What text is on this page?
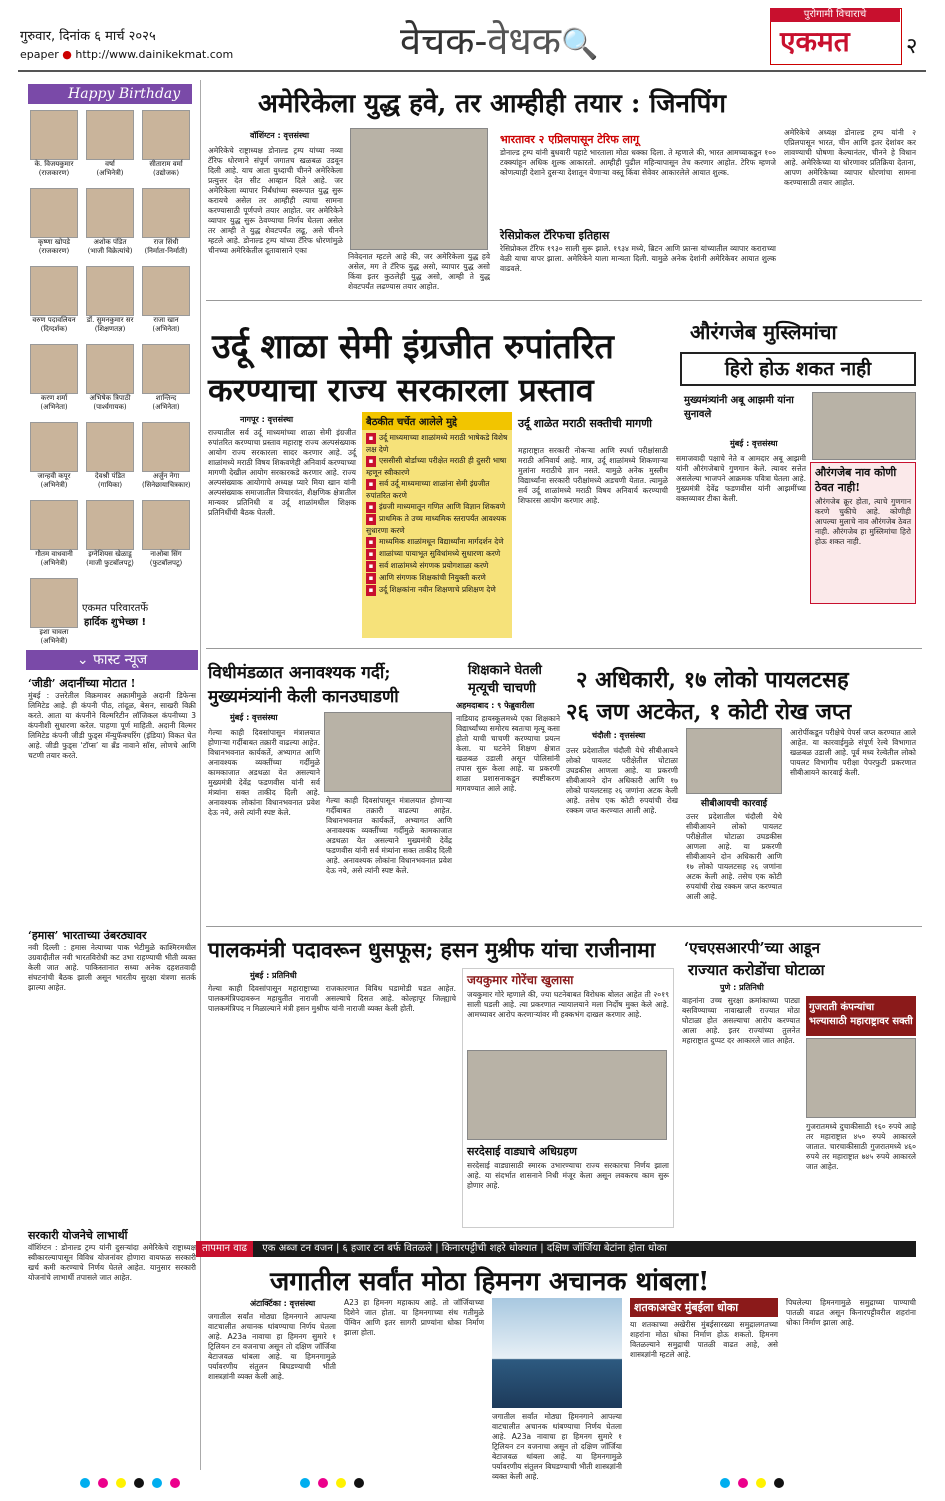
गुरुवार, दिनांक ६ मार्च २०२५
epaper ● http://www.dainikekmat.com	वेचक-वेधक🔍
पुरोगामी विचाराचे
एकमत	२
Happy Birthday
के. विजयकुमार
(राजकारण)
वर्षा
(अभिनेत्री)
सीताराम वर्मा
(उद्योजक)
कृष्णा खोपडे
(राजकारण)
अशोक पंडित
(भाजी विक्रेत्यांचे)
राज सिंधी
(निर्माता-निर्माती)
वरुण पदावलियन
(दिग्दर्शक)
डॉ. सुमनकुमार सर
(शिक्षणतज्ञ)
राजा खान
(अभिनेता)
करण शर्मा
(अभिनेता)
अभिषेक त्रिपाठी
(पार्श्वगायक)
शान्तिन्द
(अभिनेता)
जान्हवी कपूर
(अभिनेत्री)
देवश्री पंडित
(गायिका)
अर्जुन नेगा
(सिनेछायाचित्रकार)
गौतम वाधवानी
(अभिनेत्री)
इग्नेशियस खेळाडू
(माजी फुटबॉलपटू)
नाओबा सिंग
(फुटबॉलपटू)
इशा चावला
(अभिनेत्री)
एकमत परिवारतर्फे
हार्दिक शुभेच्छा !
⌄ फास्ट न्यूज
‘जीडी’ अदानींच्या मोटात !
मुंबई : उत्तरेतील विक्रमावर अक्रामीमुळे अदानी डिफेन्स लिमिटेड आहे. ही कंपनी पीठ, तांदूळ, बेसन, साखरी विक्री करते. आता या कंपनीने विल्मरिटीन लॉजिकल कंपनीच्या 3 कंपनीशी सुधारणा करेल. पाहणा पूर्ण माहिती. अदानी विल्मर लिमिटेड कंपनी जीडी फुड्स मॅन्युफॅक्चरिंग (इंडिया) विकत घेत आहे. जीडी फुड्स ‘टॉप्स’ या ब्रँड नावाने सॉस, लोणचे आणि चटणी तयार करते.
‘हमास’ भारताच्या उंबरठ्यावर
नवी दिल्ली : हमास नेत्याच्या पाक भेटीमुळे काश्मिरमधील उग्रवादीतील नवी भारतविरोधी कट उभा राहण्याची भीती व्यक्त केली जात आहे. पाकिस्तानात सध्या अनेक दहशतवादी संघटनांची बैठक झाली असून भारतीय सुरक्षा यंत्रणा सतर्क झाल्या आहेत.
सरकारी योजनेचे लाभार्थी
वॉशिंग्टन : डोनाल्ड ट्रम्प यांनी दुसऱ्यांदा अमेरिकेचे राष्ट्राध्यक्ष स्वीकारल्यापासून विविध योजनांवर होणारा वायफळ सरकारी खर्च कमी करण्याचे निर्णय घेतले आहेत. यानुसार सरकारी योजनांचे लाभार्थी तपासले जात आहेत.
अमेरिकेला युद्ध हवे, तर आम्हीही तयार : जिनपिंग
वॉशिंग्टन : वृत्तसंस्था
अमेरिकेचे राष्ट्राध्यक्ष डोनाल्ड ट्रम्प यांच्या नव्या टॅरिफ धोरणाने संपूर्ण जगातच खळबळ उडवून दिली आहे. याच आता युध्दाची चीनने अमेरिकेला प्रत्युत्तर देत सीट आव्हान दिले आहे. जर अमेरिकेला व्यापार निर्बंधांच्या स्वरूपात युद्ध सुरू करायचे असेल तर आम्हीही त्याचा सामना करण्यासाठी पूर्णपणे तयार आहोत. जर अमेरिकेने व्यापार युद्ध सुरू ठेवण्याचा निर्णय घेतला असेल तर आम्ही ते युद्ध शेवटपर्यंत लढू, असे चीनने म्हटले आहे. डोनाल्ड ट्रम्प यांच्या टॅरिफ धोरणांमुळे चीनच्या अमेरिकेतील दूतावासाने एका
निवेदनात म्हटले आहे की, जर अमेरिकेला युद्ध हवे असेल, मग ते टॅरिफ युद्ध असो, व्यापार युद्ध असो किंवा इतर कुठलेही युद्ध असो, आम्ही ते युद्ध शेवटपर्यंत लढण्यास तयार आहोत.
भारतावर २ एप्रिलपासून टेरिफ लागू
डोनाल्ड ट्रम्प यांनी बुधवारी पहाटे भारताला मोठा धक्का दिला. ते म्हणाले की, भारत आमच्याकडून १०० टक्क्यांहून अधिक शुल्क आकारतो. आम्हीही पुढील महिन्यापासून तेच करणार आहोत. टेरिफ म्हणजे कोणत्याही देशाने दुसऱ्या देशातून येणाऱ्या वस्तू किंवा सेवेवर आकारलेले आयात शुल्क.
रेसिप्रोकल टॅरिफचा इतिहास
रेसिप्रोकल टॅरिफ १९३० साली सुरू झाले. १९३४ मध्ये, ब्रिटन आणि फ्रान्स यांच्यातील व्यापार कराराच्या वेळी याचा वापर झाला. अमेरिकेने याला मान्यता दिली. यामुळे अनेक देशांनी अमेरिकेवर आयात शुल्क वाढवले.
अमेरिकेचे अध्यक्ष डोनाल्ड ट्रम्प यांनी २ एप्रिलपासून भारत, चीन आणि इतर देशांवर कर लावण्याची घोषणा केल्यानंतर, चीनने हे विधान आहे. अमेरिकेच्या या धोरणावर प्रतिक्रिया देताना, आपण अमेरिकेच्या व्यापार धोरणांचा सामना करण्यासाठी तयार आहोत.
उर्दू शाळा सेमी इंग्रजीत रुपांतरित
करण्याचा राज्य सरकारला प्रस्ताव
नागपूर : वृत्तसंस्था
राज्यातील सर्व उर्दू माध्यमांच्या शाळा सेमी इंग्रजीत रुपांतरित करण्याचा प्रस्ताव महाराष्ट्र राज्य अल्पसंख्याक आयोग राज्य सरकारला सादर करणार आहे. उर्दू शाळांमध्ये मराठी विषय शिकवणेही अनिवार्य करण्याच्या मागणी देखील आयोग सरकारकडे करणार आहे. राज्य अल्पसंख्याक आयोगाचे अध्यक्ष प्यारे मिया खान यांनी अल्पसंख्याक समाजातील विचारवंत, शैक्षणिक क्षेत्रातील मान्यवर प्रतिनिधी व उर्दू शाळांमधील शिक्षक प्रतिनिधींची बैठक घेतली.
बैठकीत चर्चेत आलेले मुद्दे
▪ उर्दू माध्यमाच्या शाळांमध्ये मराठी भाषेकडे विशेष लक्ष देणे
▪ एससीसी बोर्डाच्या परीक्षेत मराठी ही दुसरी भाषा म्हणून स्वीकारणे
▪ सर्व उर्दू माध्यमाच्या शाळांना सेमी इंग्रजीत रुपांतरित करणे
▪ इंग्रजी माध्यमातून गणित आणि विज्ञान शिकवणे
▪ प्राथमिक ते उच्च माध्यमिक स्तरापर्यंत आवश्यक सुधारणा करणे
▪ माध्यमिक शाळांमधून विद्यार्थ्यांना मार्गदर्शन देणे
▪ शाळांच्या पायाभूत सुविधांमध्ये सुधारणा करणे
▪ सर्व शाळांमध्ये संगणक प्रयोगशाळा करणे
▪ आणि संगणक शिक्षकांची नियुक्ती करणे
▪ उर्दू शिक्षकांना नवीन शिक्षणाचे प्रशिक्षण देणे
उर्दू शाळेत मराठी सक्तीची मागणी
महाराष्ट्रात सरकारी नोकऱ्या आणि स्पर्धा परीक्षांसाठी मराठी अनिवार्य आहे. मात्र, उर्दू शाळांमध्ये शिकणाऱ्या मुलांना मराठीचे ज्ञान नसते. यामुळे अनेक मुस्लीम विद्यार्थ्यांना सरकारी परीक्षांमध्ये अडचणी येतात. त्यामुळे सर्व उर्दू शाळांमध्ये मराठी विषय अनिवार्य करण्याची शिफारस आयोग करणार आहे.
औरंगजेब मुस्लिमांचा
हिरो होऊ शकत नाही
मुख्यमंत्र्यांनी अबू आझमी यांना सुनावले
मुंबई : वृत्तसंस्था
समाजवादी पक्षाचे नेते व आमदार अबू आझमी यांनी औरंगजेबाचे गुणगान केले. त्यावर सत्तेत असलेल्या भाजपने आक्रमक पवित्रा घेतला आहे. मुख्यमंत्री देवेंद्र फडणवीस यांनी आझमींच्या वक्तव्यावर टीका केली.
औरंगजेब नाव कोणी ठेवत नाही!
औरंगजेब क्रूर होता, त्याचे गुणगान करणे चुकीचे आहे. कोणीही आपल्या मुलाचे नाव औरंगजेब ठेवत नाही. औरंगजेब हा मुस्लिमांचा हिरो होऊ शकत नाही.
विधीमंडळात अनावश्यक गर्दी;
मुख्यमंत्र्यांनी केली कानउघाडणी
मुंबई : वृत्तसंस्था
गेल्या काही दिवसांपासून मंत्रालयात होणाऱ्या गर्दीबाबत तक्रारी वाढल्या आहेत. विधानभवनात कार्यकर्ते, अभ्यागत आणि अनावश्यक व्यक्तींच्या गर्दीमुळे कामकाजात अडथळा येत असल्याने मुख्यमंत्री देवेंद्र फडणवीस यांनी सर्व मंत्र्यांना सक्त ताकीद दिली आहे. अनावश्यक लोकांना विधानभवनात प्रवेश देऊ नये, असे त्यांनी स्पष्ट केले.
गेल्या काही दिवसांपासून मंत्रालयात होणाऱ्या गर्दीबाबत तक्रारी वाढल्या आहेत. विधानभवनात कार्यकर्ते, अभ्यागत आणि अनावश्यक व्यक्तींच्या गर्दीमुळे कामकाजात अडथळा येत असल्याने मुख्यमंत्री देवेंद्र फडणवीस यांनी सर्व मंत्र्यांना सक्त ताकीद दिली आहे. अनावश्यक लोकांना विधानभवनात प्रवेश देऊ नये, असे त्यांनी स्पष्ट केले.
शिक्षकाने घेतली
मृत्यूची चाचणी
अहमदाबाद : ९ फेब्रुवारीला
नाडियाद हायस्कूलमध्ये एका शिक्षकाने विद्यार्थ्यांच्या समोरच स्वतःचा मृत्यू कसा होतो याची चाचणी करण्याचा प्रयत्न केला. या घटनेने शिक्षण क्षेत्रात खळबळ उडाली असून पोलिसांनी तपास सुरू केला आहे. या प्रकरणी शाळा प्रशासनाकडून स्पष्टीकरण मागवण्यात आले आहे.
२ अधिकारी, १७ लोको पायलटसह
२६ जण अटकेत, १ कोटी रोख जप्त
चंदौली : वृत्तसंस्था
उत्तर प्रदेशातील चंदौली येथे सीबीआयने लोको पायलट परीक्षेतील घोटाळा उघडकीस आणला आहे. या प्रकरणी सीबीआयने दोन अधिकारी आणि १७ लोको पायलटसह २६ जणांना अटक केली आहे. तसेच एक कोटी रुपयांची रोख रक्कम जप्त करण्यात आली आहे.
सीबीआयची कारवाई
उत्तर प्रदेशातील चंदौली येथे सीबीआयने लोको पायलट परीक्षेतील घोटाळा उघडकीस आणला आहे. या प्रकरणी सीबीआयने दोन अधिकारी आणि १७ लोको पायलटसह २६ जणांना अटक केली आहे. तसेच एक कोटी रुपयांची रोख रक्कम जप्त करण्यात आली आहे.
आरोपींकडून परीक्षेचे पेपर्स जप्त करण्यात आले आहेत. या कारवाईमुळे संपूर्ण रेल्वे विभागात खळबळ उडाली आहे. पूर्व मध्य रेल्वेतील लोको पायलट विभागीय परीक्षा पेपरफुटी प्रकरणात सीबीआयने कारवाई केली.
पालकमंत्री पदावरून धुसफूस; हसन मुश्रीफ यांचा राजीनामा
मुंबई : प्रतिनिधी
गेल्या काही दिवसांपासून महाराष्ट्राच्या राजकारणात विविध घडामोडी घडत आहेत. पालकमंत्रिपदावरून महायुतीत नाराजी असल्याचे दिसत आहे. कोल्हापूर जिल्ह्याचे पालकमंत्रिपद न मिळाल्याने मंत्री हसन मुश्रीफ यांनी नाराजी व्यक्त केली होती.
जयकुमार गोरेंचा खुलासा
जयकुमार गोरे म्हणाले की, ज्या घटनेबाबत विरोधक बोलत आहेत ती २०१९ साली घडली आहे. त्या प्रकरणात न्यायालयाने मला निर्दोष मुक्त केले आहे. आमच्यावर आरोप करणाऱ्यांवर मी हक्कभंग दाखल करणार आहे.
सरदेसाई वाड्याचे अधिग्रहण
सरदेसाई वाड्यासाठी स्मारक उभारण्याचा राज्य सरकारचा निर्णय झाला आहे. या संदर्भात शासनाने निधी मंजूर केला असून लवकरच काम सुरू होणार आहे.
‘एचएसआरपी’च्या आडून
राज्यात करोडोंचा घोटाळा
पुणे : प्रतिनिधी
वाहनांना उच्च सुरक्षा क्रमांकाच्या पाट्या बसविण्याच्या नावाखाली राज्यात मोठा घोटाळा होत असल्याचा आरोप करण्यात आला आहे. इतर राज्यांच्या तुलनेत महाराष्ट्रात दुप्पट दर आकारले जात आहेत.
गुजराती कंपन्यांचा
भल्यासाठी महाराष्ट्रावर सक्ती
गुजरातमध्ये दुचाकीसाठी १६० रुपये आहे तर महाराष्ट्रात ४५० रुपये आकारले जातात. चारचाकीसाठी गुजरातमध्ये ४६० रुपये तर महाराष्ट्रात ७४५ रुपये आकारले जात आहेत.
तापमान वाढ एक अब्ज टन वजन | ६ हजार टन बर्फ वितळले | किनारपट्टीची शहरे धोक्यात | दक्षिण जॉर्जिया बेटांना होता धोका
जगातील सर्वांत मोठा हिमनग अचानक थांबला!
अंटार्क्टिका : वृत्तसंस्था
जगातील सर्वांत मोठ्या हिमनगाने आपल्या वाटचालीत अचानक थांबण्याचा निर्णय घेतला आहे. A23a नावाचा हा हिमनग सुमारे १ ट्रिलियन टन वजनाचा असून तो दक्षिण जॉर्जिया बेटाजवळ थांबला आहे. या हिमनगामुळे पर्यावरणीय संतुलन बिघडण्याची भीती शास्त्रज्ञांनी व्यक्त केली आहे.
A23 हा हिमनग महाकाय आहे. तो जॉर्जियाच्या दिशेने जात होता. या हिमनगाच्या संथ गतीमुळे पेंग्विन आणि इतर सागरी प्राण्यांना धोका निर्माण झाला होता.
जगातील सर्वांत मोठ्या हिमनगाने आपल्या वाटचालीत अचानक थांबण्याचा निर्णय घेतला आहे. A23a नावाचा हा हिमनग सुमारे १ ट्रिलियन टन वजनाचा असून तो दक्षिण जॉर्जिया बेटाजवळ थांबला आहे. या हिमनगामुळे पर्यावरणीय संतुलन बिघडण्याची भीती शास्त्रज्ञांनी व्यक्त केली आहे.
शतकाअखेर मुंबईला धोका
या शतकाच्या अखेरीस मुंबईसारख्या समुद्रालगतच्या शहरांना मोठा धोका निर्माण होऊ शकतो. हिमनग वितळल्याने समुद्राची पातळी वाढत आहे, असे शास्त्रज्ञांनी म्हटले आहे.
पिघलेल्या हिमनगामुळे समुद्राच्या पाण्याची पातळी वाढत असून किनारपट्टीवरील शहरांना धोका निर्माण झाला आहे.
